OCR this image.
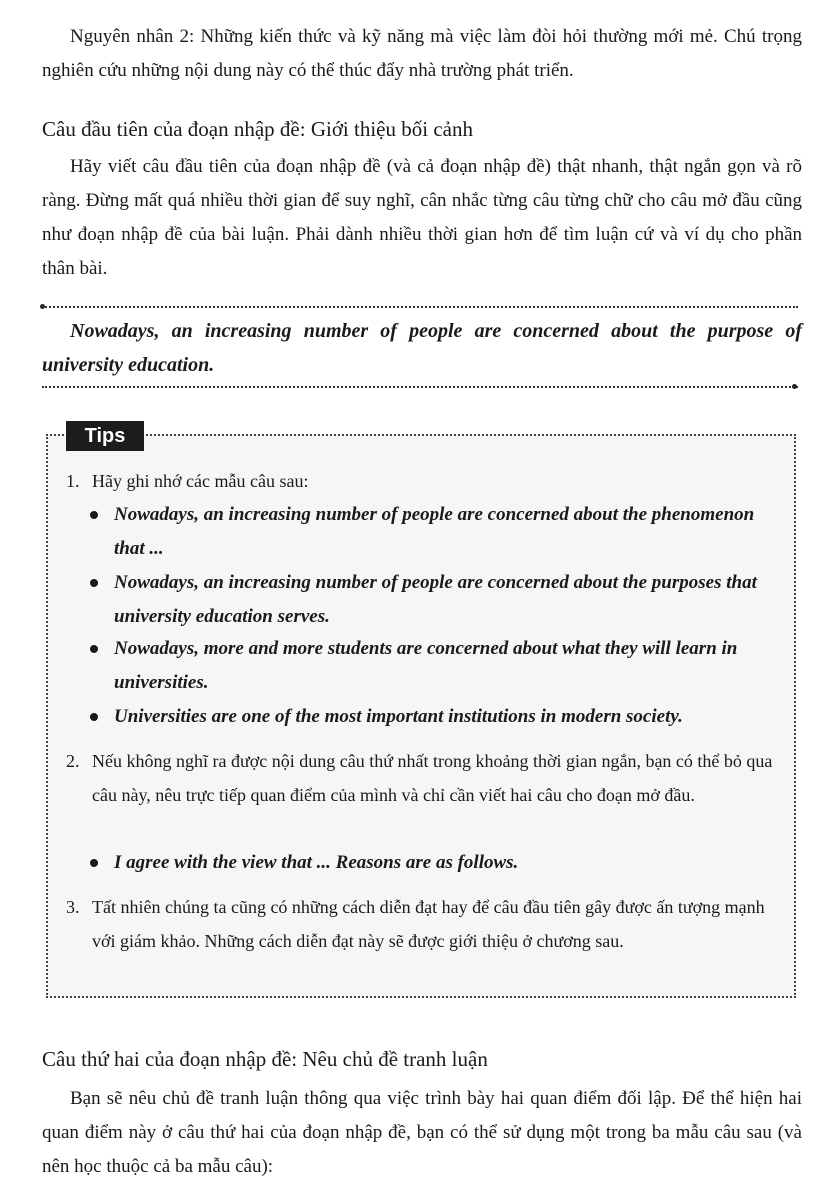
Nguyên nhân 2: Những kiến thức và kỹ năng mà việc làm đòi hỏi thường mới mẻ. Chú trọng nghiên cứu những nội dung này có thể thúc đẩy nhà trường phát triển.

Câu đầu tiên của đoạn nhập đề: Giới thiệu bối cảnh

Hãy viết câu đầu tiên của đoạn nhập đề (và cả đoạn nhập đề) thật nhanh, thật ngắn gọn và rõ ràng. Đừng mất quá nhiều thời gian để suy nghĩ, cân nhắc từng câu từng chữ cho câu mở đầu cũng như đoạn nhập đề của bài luận. Phải dành nhiều thời gian hơn để tìm luận cứ và ví dụ cho phần thân bài.

Nowadays, an increasing number of people are concerned about the purpose of university education.

Tips
1. Hãy ghi nhớ các mẫu câu sau:
Nowadays, an increasing number of people are concerned about the phenomenon that ...
Nowadays, an increasing number of people are concerned about the purposes that university education serves.
Nowadays, more and more students are concerned about what they will learn in universities.
Universities are one of the most important institutions in modern society.
2. Nếu không nghĩ ra được nội dung câu thứ nhất trong khoảng thời gian ngắn, bạn có thể bỏ qua câu này, nêu trực tiếp quan điểm của mình và chỉ cần viết hai câu cho đoạn mở đầu.
I agree with the view that ... Reasons are as follows.
3. Tất nhiên chúng ta cũng có những cách diễn đạt hay để câu đầu tiên gây được ấn tượng mạnh với giám khảo. Những cách diễn đạt này sẽ được giới thiệu ở chương sau.
Câu thứ hai của đoạn nhập đề: Nêu chủ đề tranh luận

Bạn sẽ nêu chủ đề tranh luận thông qua việc trình bày hai quan điểm đối lập. Để thể hiện hai quan điểm này ở câu thứ hai của đoạn nhập đề, bạn có thể sử dụng một trong ba mẫu câu sau (và nên học thuộc cả ba mẫu câu):
